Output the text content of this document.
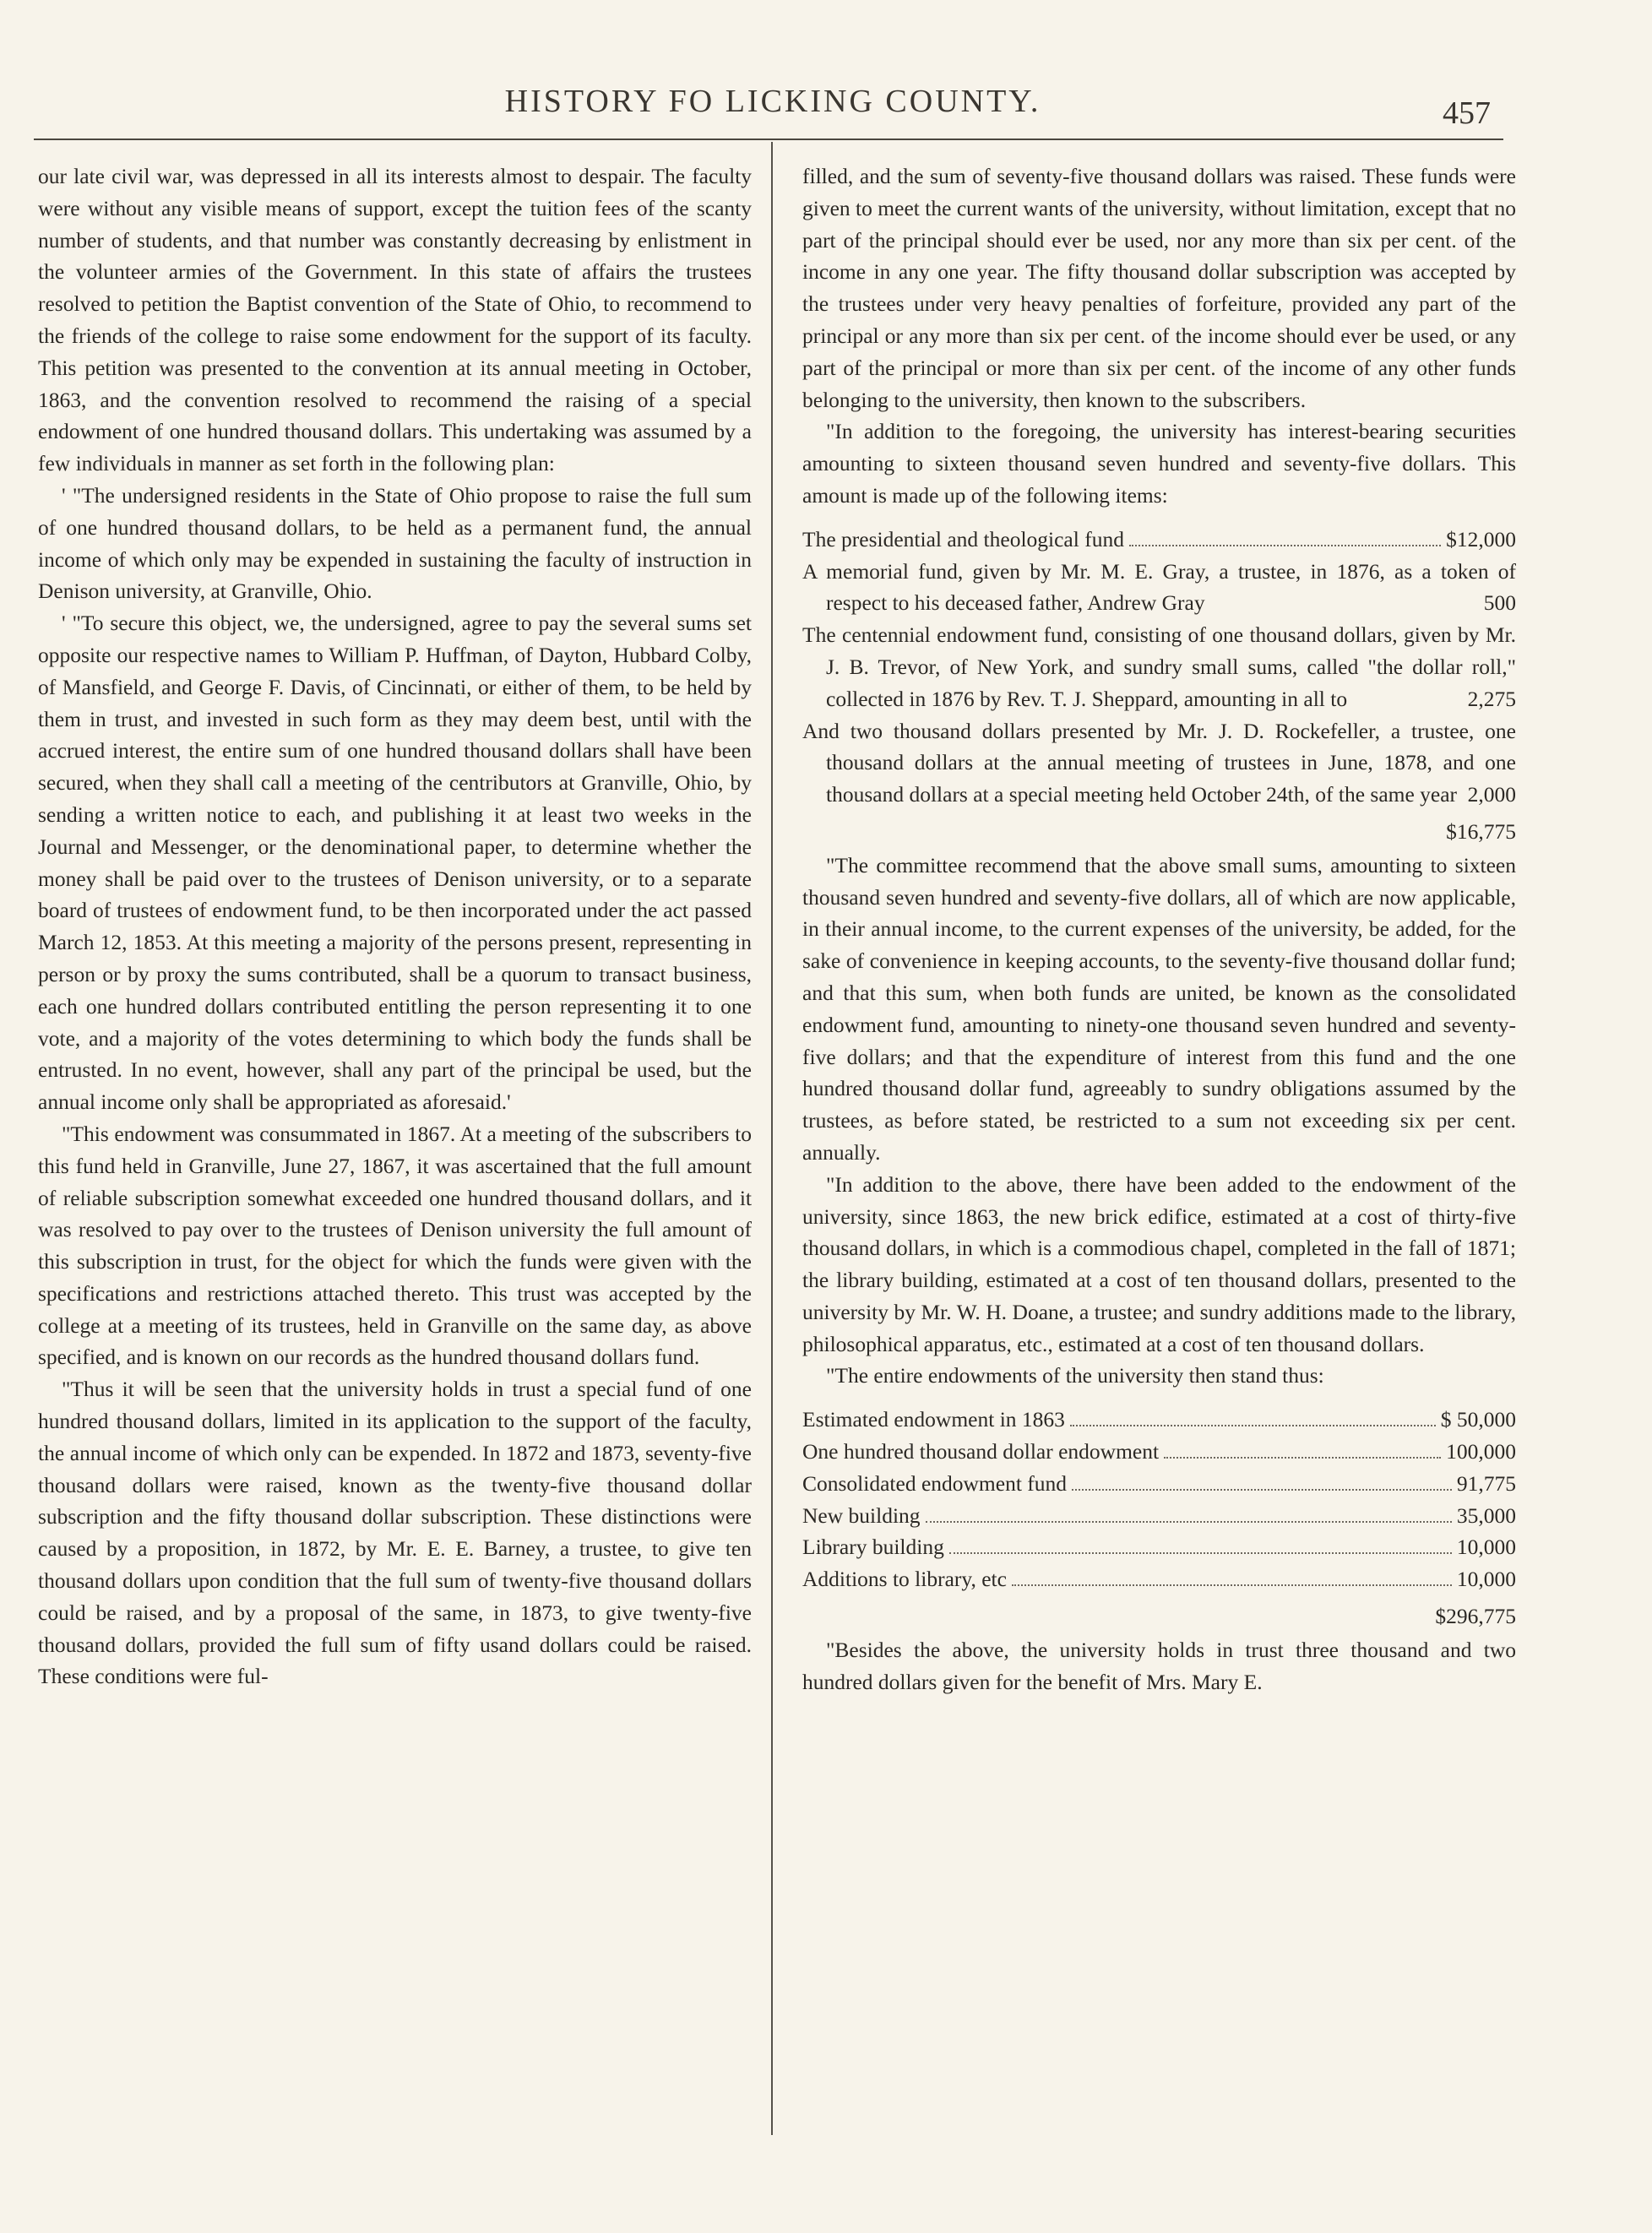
HISTORY FO LICKING COUNTY.	457

our late civil war, was depressed in all its interests almost to despair. The faculty were without any visible means of support, except the tuition fees of the scanty number of students, and that number was constantly decreasing by enlistment in the volunteer armies of the Government. In this state of affairs the trustees resolved to petition the Baptist convention of the State of Ohio, to recommend to the friends of the college to raise some endowment for the support of its faculty. This petition was presented to the convention at its annual meeting in October, 1863, and the convention resolved to recommend the raising of a special endowment of one hundred thousand dollars. This undertaking was assumed by a few individuals in manner as set forth in the following plan:

' "The undersigned residents in the State of Ohio propose to raise the full sum of one hundred thousand dollars, to be held as a permanent fund, the annual income of which only may be expended in sustaining the faculty of instruction in Denison university, at Granville, Ohio.

' "To secure this object, we, the undersigned, agree to pay the several sums set opposite our respective names to William P. Huffman, of Dayton, Hubbard Colby, of Mansfield, and George F. Davis, of Cincinnati, or either of them, to be held by them in trust, and invested in such form as they may deem best, until with the accrued interest, the entire sum of one hundred thousand dollars shall have been secured, when they shall call a meeting of the centributors at Granville, Ohio, by sending a written notice to each, and publishing it at least two weeks in the Journal and Messenger, or the denominational paper, to determine whether the money shall be paid over to the trustees of Denison university, or to a separate board of trustees of endowment fund, to be then incorporated under the act passed March 12, 1853. At this meeting a majority of the persons present, representing in person or by proxy the sums contributed, shall be a quorum to transact business, each one hundred dollars contributed entitling the person representing it to one vote, and a majority of the votes determining to which body the funds shall be entrusted. In no event, however, shall any part of the principal be used, but the annual income only shall be appropriated as aforesaid.'

"This endowment was consummated in 1867. At a meeting of the subscribers to this fund held in Granville, June 27, 1867, it was ascertained that the full amount of reliable subscription somewhat exceeded one hundred thousand dollars, and it was resolved to pay over to the trustees of Denison university the full amount of this subscription in trust, for the object for which the funds were given with the specifications and restrictions attached thereto. This trust was accepted by the college at a meeting of its trustees, held in Granville on the same day, as above specified, and is known on our records as the hundred thousand dollars fund.

"Thus it will be seen that the university holds in trust a special fund of one hundred thousand dollars, limited in its application to the support of the faculty, the annual income of which only can be expended. In 1872 and 1873, seventy-five thousand dollars were raised, known as the twenty-five thousand dollar subscription and the fifty thousand dollar subscription. These distinctions were caused by a proposition, in 1872, by Mr. E. E. Barney, a trustee, to give ten thousand dollars upon condition that the full sum of twenty-five thousand dollars could be raised, and by a proposal of the same, in 1873, to give twenty-five thousand dollars, provided the full sum of fifty usand dollars could be raised. These conditions were ful-

filled, and the sum of seventy-five thousand dollars was raised. These funds were given to meet the current wants of the university, without limitation, except that no part of the principal should ever be used, nor any more than six per cent. of the income in any one year. The fifty thousand dollar subscription was accepted by the trustees under very heavy penalties of forfeiture, provided any part of the principal or any more than six per cent. of the income should ever be used, or any part of the principal or more than six per cent. of the income of any other funds belonging to the university, then known to the subscribers.

"In addition to the foregoing, the university has interest-bearing securities amounting to sixteen thousand seven hundred and seventy-five dollars. This amount is made up of the following items:

The presidential and theological fund	$12,000

A memorial fund, given by Mr. M. E. Gray, a trustee, in 1876, as a token of respect to his deceased father, Andrew Gray	500

The centennial endowment fund, consisting of one thousand dollars, given by Mr. J. B. Trevor, of New York, and sundry small sums, called "the dollar roll," collected in 1876 by Rev. T. J. Sheppard, amounting in all to	2,275

And two thousand dollars presented by Mr. J. D. Rockefeller, a trustee, one thousand dollars at the annual meeting of trustees in June, 1878, and one thousand dollars at a special meeting held October 24th, of the same year 2,000

$16,775

"The committee recommend that the above small sums, amounting to sixteen thousand seven hundred and seventy-five dollars, all of which are now applicable, in their annual income, to the current expenses of the university, be added, for the sake of convenience in keeping accounts, to the seventy-five thousand dollar fund; and that this sum, when both funds are united, be known as the consolidated endowment fund, amounting to ninety-one thousand seven hundred and seventy-five dollars; and that the expenditure of interest from this fund and the one hundred thousand dollar fund, agreeably to sundry obligations assumed by the trustees, as before stated, be restricted to a sum not exceeding six per cent. annually.

"In addition to the above, there have been added to the endowment of the university, since 1863, the new brick edifice, estimated at a cost of thirty-five thousand dollars, in which is a commodious chapel, completed in the fall of 1871; the library building, estimated at a cost of ten thousand dollars, presented to the university by Mr. W. H. Doane, a trustee; and sundry additions made to the library, philosophical apparatus, etc., estimated at a cost of ten thousand dollars.

"The entire endowments of the university then stand thus:

Estimated endowment in 1863	$ 50,000
One hundred thousand dollar endowment	100,000
Consolidated endowment fund	91,775
New building	35,000
Library building	10,000
Additions to library, etc	10,000
$296,775

"Besides the above, the university holds in trust three thousand and two hundred dollars given for the benefit of Mrs. Mary E.
